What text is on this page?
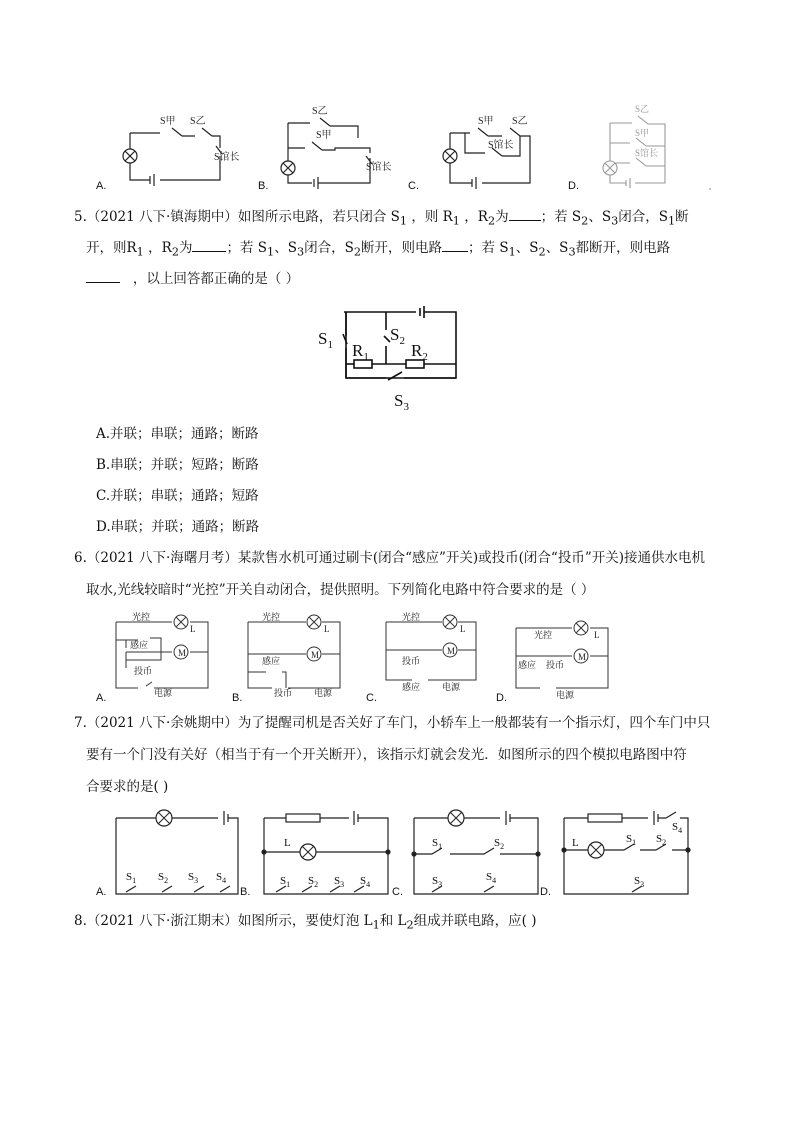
S甲 S乙
S馆长
S乙
S甲
S馆长
S甲 S乙
S馆长
S乙
S甲
S馆长
A.	B.	C.	D.
5.（2021 八下·镇海期中）如图所示电路，若只闭合 $S_1$ ，则 $R_1$ ，$R_2$为 ；若 $S_2$、$S_3$闭合，$S_1$断
开，则$R_1$ ，$R_2$为	；若 $S_1$、$S_3$闭合，$S_2$断开，则电路 ；若 $S_1$、$S_2$、$S_3$都断开，则电路
，以上回答都正确的是（ ）
$S_1$
$S_2$
$R_1$ $R_2$
$S_3$
A.并联；串联；通路；断路
B.串联；并联；短路；断路
C.并联；串联；通路；短路
D.串联；并联；通路；断路
6.（2021 八下·海曙月考）某款售水机可通过刷卡(闭合“感应”开关)或投币(闭合“投币”开关)接通供水电机
取水,光线较暗时“光控”开关自动闭合，提供照明。下列简化电路中符合要求的是（ ）
光控
L
M
感应
投币
电源
光控
L
M
感应
投币 电源
光控
L
M
投币
感应 电源
光控	L
M
感应 投币
电源
A.	B.	C.	D.
7.（2021 八下·余姚期中）为了提醒司机是否关好了车门，小轿车上一般都装有一个指示灯，四个车门中只
要有一个门没有关好（相当于有一个开关断开），该指示灯就会发光．如图所示的四个模拟电路图中符
合要求的是( )
$S_1$ $S_2$ $S_3$ $S_4$
L
$S_1$ $S_2$ $S_3$ $S_4$
$S_1$	$S_2$
$S_3$
$S_4$
L	$S_1$ $S_2$
$S_3$
$S_4$
A.	B.	C.	D.
8.（2021 八下·浙江期末）如图所示，要使灯泡 $L_1$和 $L_2$组成并联电路，应( )
